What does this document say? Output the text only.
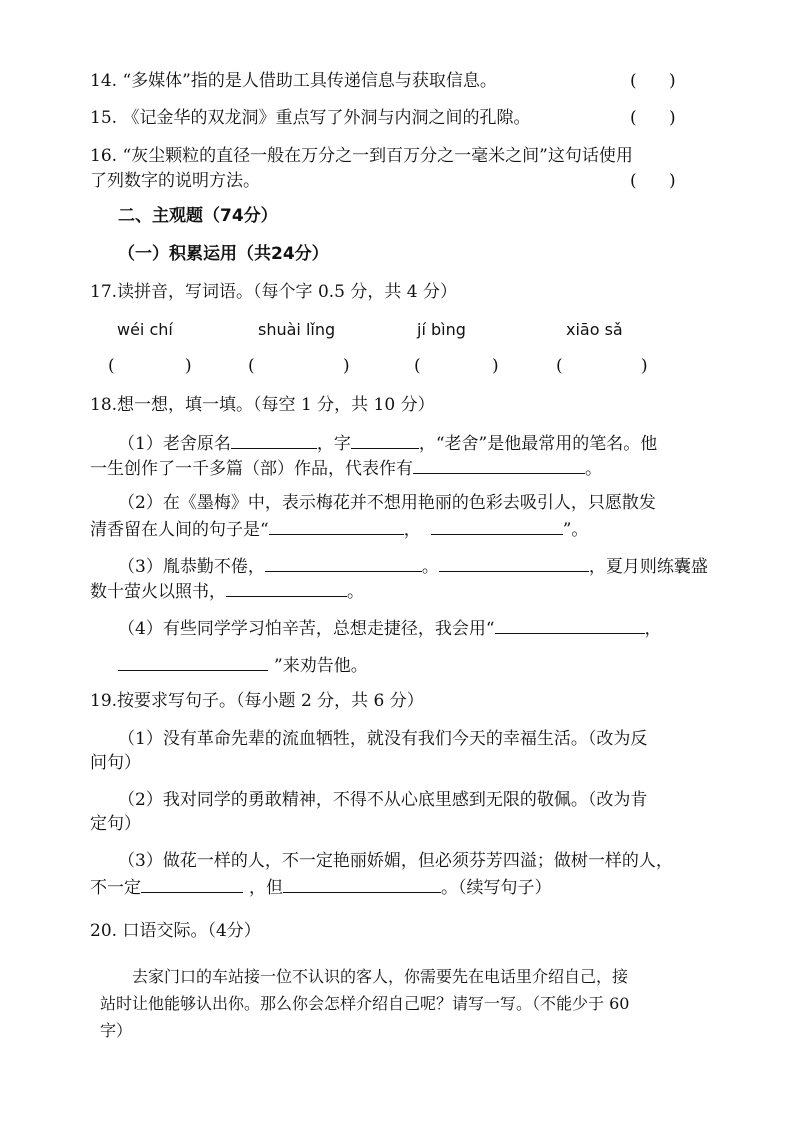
14. “多媒体”指的是人借助工具传递信息与获取信息。	(      )
15. 《记金华的双龙洞》重点写了外洞与内洞之间的孔隙。	(      )
16. “灰尘颗粒的直径一般在万分之一到百万分之一毫米之间”这句话使用
了列数字的说明方法。	(      )
二、主观题（74分）
（一）积累运用（共24分）
17.读拼音，写词语。（每个字 0.5 分，共 4 分）
wéi chí	shuài lǐng	jí bìng	xiāo sǎ
(	)	(	)	(	)	(	)
18.想一想，填一填。（每空 1 分，共 10 分）
（1）老舍原名	，字	，“老舍”是他最常用的笔名。他
一生创作了一千多篇（部）作品，代表作有	。
（2）在《墨梅》中，表示梅花并不想用艳丽的色彩去吸引人，只愿散发
清香留在人间的句子是“	，	”。
（3）胤恭勤不倦，	。	，夏月则练囊盛
数十萤火以照书，	。
（4）有些同学学习怕辛苦，总想走捷径，我会用“	，
”来劝告他。
19.按要求写句子。（每小题 2 分，共 6 分）
（1）没有革命先辈的流血牺牲，就没有我们今天的幸福生活。（改为反
问句）
（2）我对同学的勇敢精神，不得不从心底里感到无限的敬佩。（改为肯
定句）
（3）做花一样的人，不一定艳丽娇媚，但必须芬芳四溢；做树一样的人，
不一定	，但	。（续写句子）
20. 口语交际。（4分）
去家门口的车站接一位不认识的客人，你需要先在电话里介绍自己，接
站时让他能够认出你。那么你会怎样介绍自己呢？请写一写。（不能少于 60
字）
